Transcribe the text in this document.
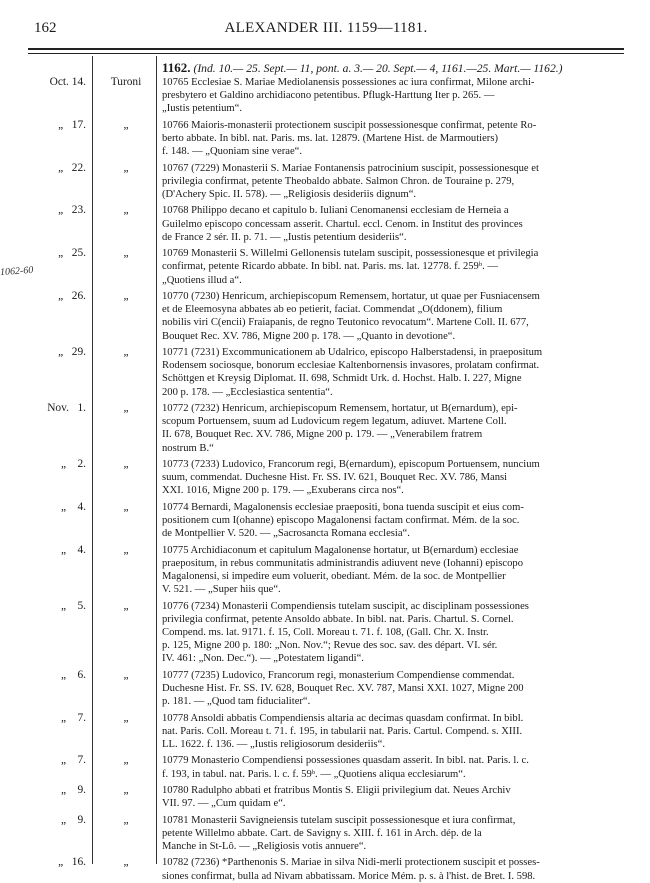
162	ALEXANDER III. 1159—1181.
1062-60
1162. (Ind. 10.— 25. Sept.— 11, pont. a. 3.— 20. Sept.— 4, 1161.—25. Mart.— 1162.)
Oct. 14.	Turoni	10765 Ecclesiae S. Mariae Mediolanensis possessiones ac iura confirmat, Milone archi-
presbytero et Galdino archidiacono petentibus. Pflugk-Harttung Iter p. 265. —
„Iustis petentium“.
„   17.	„	10766 Maioris-monasterii protectionem suscipit possessionesque confirmat, petente Ro-
berto abbate. In bibl. nat. Paris. ms. lat. 12879. (Martene Hist. de Marmoutiers)
f. 148. — „Quoniam sine verae“.
„   22.	„	10767 (7229) Monasterii S. Mariae Fontanensis patrocinium suscipit, possessionesque et
privilegia confirmat, petente Theobaldo abbate. Salmon Chron. de Touraine p. 279,
(D'Achery Spic. II. 578). — „Religiosis desideriis dignum“.
„   23.	„	10768 Philippo decano et capitulo b. Iuliani Cenomanensi ecclesiam de Herneia a
Guilelmo episcopo concessam asserit. Chartul. eccl. Cenom. in Institut des provinces
de France 2 sér. II. p. 71. — „Iustis petentium desideriis“.
„   25.	„	10769 Monasterii S. Willelmi Gellonensis tutelam suscipit, possessionesque et privilegia
confirmat, petente Ricardo abbate. In bibl. nat. Paris. ms. lat. 12778. f. 259ᵇ. —
„Quotiens illud a“.
„   26.	„	10770 (7230) Henricum, archiepiscopum Remensem, hortatur, ut quae per Fusniacensem
et de Eleemosyna abbates ab eo petierit, faciat. Commendat „O(ddonem), filium
nobilis viri C(encii) Fraiapanis, de regno Teutonico revocatum“. Martene Coll. II. 677,
Bouquet Rec. XV. 786, Migne 200 p. 178. — „Quanto in devotione“.
„   29.	„	10771 (7231) Excommunicationem ab Udalrico, episcopo Halberstadensi, in praepositum
Rodensem sociosque, bonorum ecclesiae Kaltenbornensis invasores, prolatam confirmat.
Schöttgen et Kreysig Diplomat. II. 698, Schmidt Urk. d. Hochst. Halb. I. 227, Migne
200 p. 178. — „Ecclesiastica sententia“.
Nov.   1.	„	10772 (7232) Henricum, archiepiscopum Remensem, hortatur, ut B(ernardum), epi-
scopum Portuensem, suum ad Ludovicum regem legatum, adiuvet. Martene Coll.
II. 678, Bouquet Rec. XV. 786, Migne 200 p. 179. — „Venerabilem fratrem
nostrum B.“
„    2.	„	10773 (7233) Ludovico, Francorum regi, B(ernardum), episcopum Portuensem, nuncium
suum, commendat. Duchesne Hist. Fr. SS. IV. 621, Bouquet Rec. XV. 786, Mansi
XXI. 1016, Migne 200 p. 179. — „Exuberans circa nos“.
„    4.	„	10774 Bernardi, Magalonensis ecclesiae praepositi, bona tuenda suscipit et eius com-
positionem cum I(ohanne) episcopo Magalonensi factam confirmat. Mém. de la soc.
de Montpellier V. 520. — „Sacrosancta Romana ecclesia“.
„    4.	„	10775 Archidiaconum et capitulum Magalonense hortatur, ut B(ernardum) ecclesiae
praepositum, in rebus communitatis administrandis adiuvent neve (Iohanni) episcopo
Magalonensi, si impedire eum voluerit, obediant. Mém. de la soc. de Montpellier
V. 521. — „Super hiis que“.
„    5.	„	10776 (7234) Monasterii Compendiensis tutelam suscipit, ac disciplinam possessiones
privilegia confirmat, petente Ansoldo abbate. In bibl. nat. Paris. Chartul. S. Cornel.
Compend. ms. lat. 9171. f. 15, Coll. Moreau t. 71. f. 108, (Gall. Chr. X. Instr.
p. 125, Migne 200 p. 180: „Non. Nov.“; Revue des soc. sav. des départ. VI. sér.
IV. 461: „Non. Dec.“). — „Potestatem ligandi“.
„    6.	„	10777 (7235) Ludovico, Francorum regi, monasterium Compendiense commendat.
Duchesne Hist. Fr. SS. IV. 628, Bouquet Rec. XV. 787, Mansi XXI. 1027, Migne 200
p. 181. — „Quod tam fiducialiter“.
„    7.	„	10778 Ansoldi abbatis Compendiensis altaria ac decimas quasdam confirmat. In bibl.
nat. Paris. Coll. Moreau t. 71. f. 195, in tabularii nat. Paris. Cartul. Compend. s. XIII.
LL. 1622. f. 136. — „Iustis religiosorum desideriis“.
„    7.	„	10779 Monasterio Compendiensi possessiones quasdam asserit. In bibl. nat. Paris. l. c.
f. 193, in tabul. nat. Paris. l. c. f. 59ᵇ. — „Quotiens aliqua ecclesiarum“.
„    9.	„	10780 Radulpho abbati et fratribus Montis S. Eligii privilegium dat. Neues Archiv
VII. 97. — „Cum quidam e“.
„    9.	„	10781 Monasterii Savigneiensis tutelam suscipit possessionesque et iura confirmat,
petente Willelmo abbate. Cart. de Savigny s. XIII. f. 161 in Arch. dép. de la
Manche in St-Lô. — „Religiosis votis annuere“.
„   16.	„	10782 (7236) *Parthenonis S. Mariae in silva Nidi-merli protectionem suscipit et posses-
siones confirmat, bulla ad Nivam abbatissam. Morice Mém. p. s. à l'hist. de Bret. I. 598.
